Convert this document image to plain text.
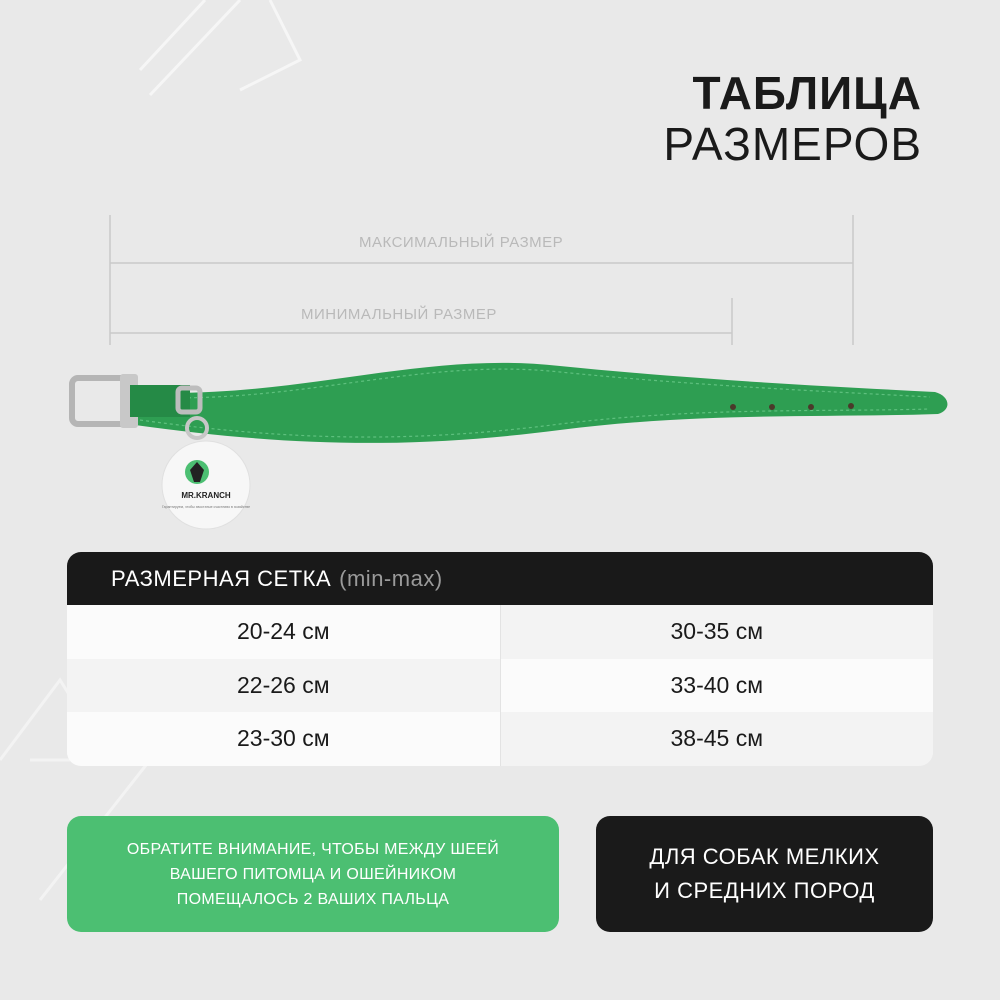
ТАБЛИЦА
РАЗМЕРОВ
МАКСИМАЛЬНЫЙ РАЗМЕР
МИНИМАЛЬНЫЙ РАЗМЕР
MR.KRANCH
Гарантируем, чтобы хвостатые счастливо в хозяйстве
РАЗМЕРНАЯ СЕТКА (min-max)
20-24 см	30-35 см
22-26 см	33-40 см
23-30 см	38-45 см
ОБРАТИТЕ ВНИМАНИЕ, ЧТОБЫ МЕЖДУ ШЕЕЙ
ВАШЕГО ПИТОМЦА И ОШЕЙНИКОМ
ПОМЕЩАЛОСЬ 2 ВАШИХ ПАЛЬЦА
ДЛЯ СОБАК МЕЛКИХ
И СРЕДНИХ ПОРОД
